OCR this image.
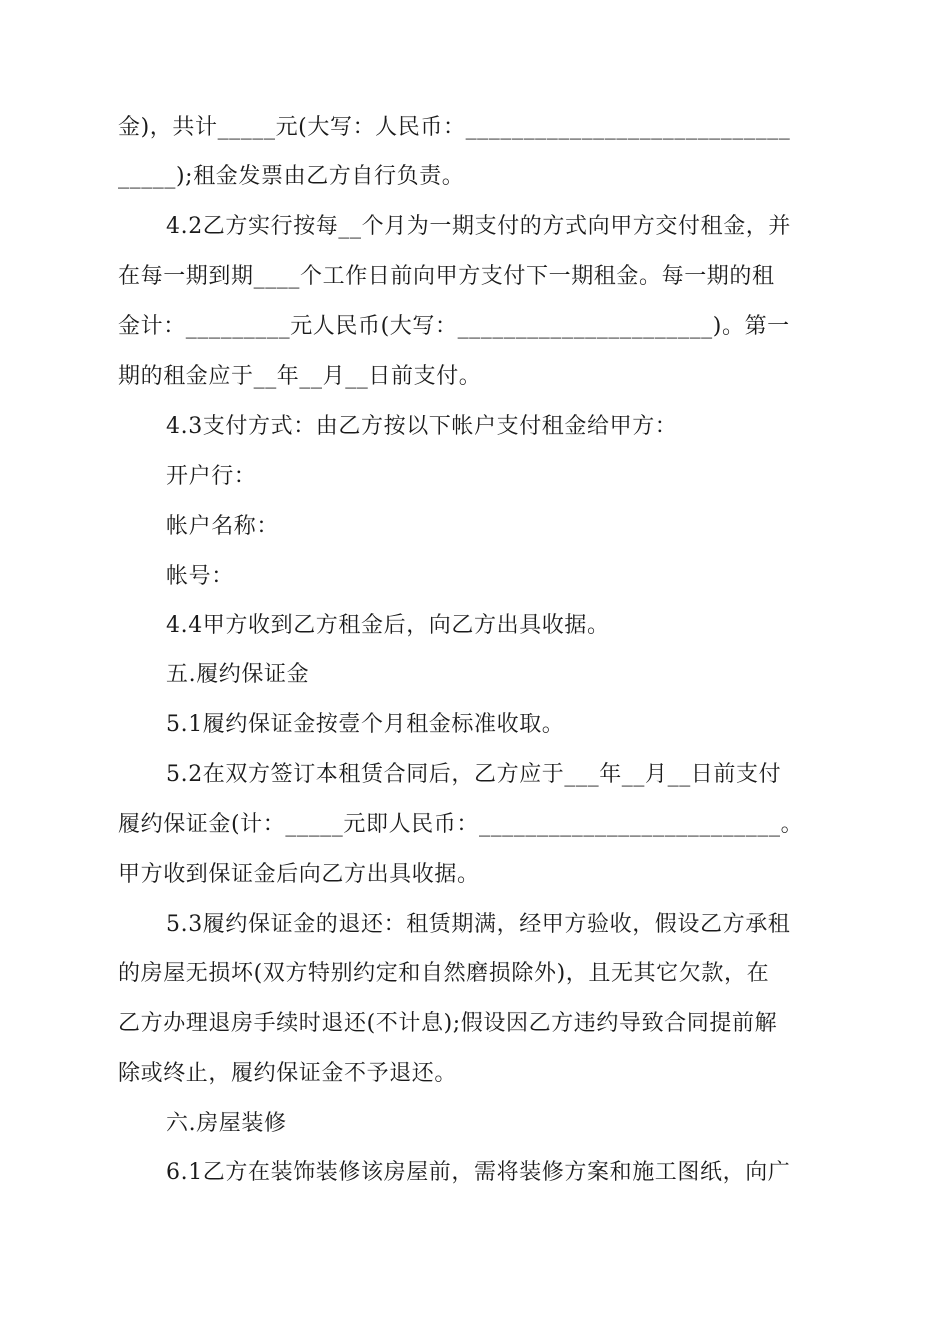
金)，共计_____元(大写：人民币：____________________________
_____);租金发票由乙方自行负责。
4.2乙方实行按每__个月为一期支付的方式向甲方交付租金，并
在每一期到期____个工作日前向甲方支付下一期租金。每一期的租
金计：_________元人民币(大写：______________________)。第一
期的租金应于__年__月__日前支付。
4.3支付方式：由乙方按以下帐户支付租金给甲方：
开户行：
帐户名称：
帐号：
4.4甲方收到乙方租金后，向乙方出具收据。
五.履约保证金
5.1履约保证金按壹个月租金标准收取。
5.2在双方签订本租赁合同后，乙方应于___年__月__日前支付
履约保证金(计：_____元即人民币：__________________________。
甲方收到保证金后向乙方出具收据。
5.3履约保证金的退还：租赁期满，经甲方验收，假设乙方承租
的房屋无损坏(双方特别约定和自然磨损除外)，且无其它欠款，在
乙方办理退房手续时退还(不计息);假设因乙方违约导致合同提前解
除或终止，履约保证金不予退还。
六.房屋装修
6.1乙方在装饰装修该房屋前，需将装修方案和施工图纸，向广
